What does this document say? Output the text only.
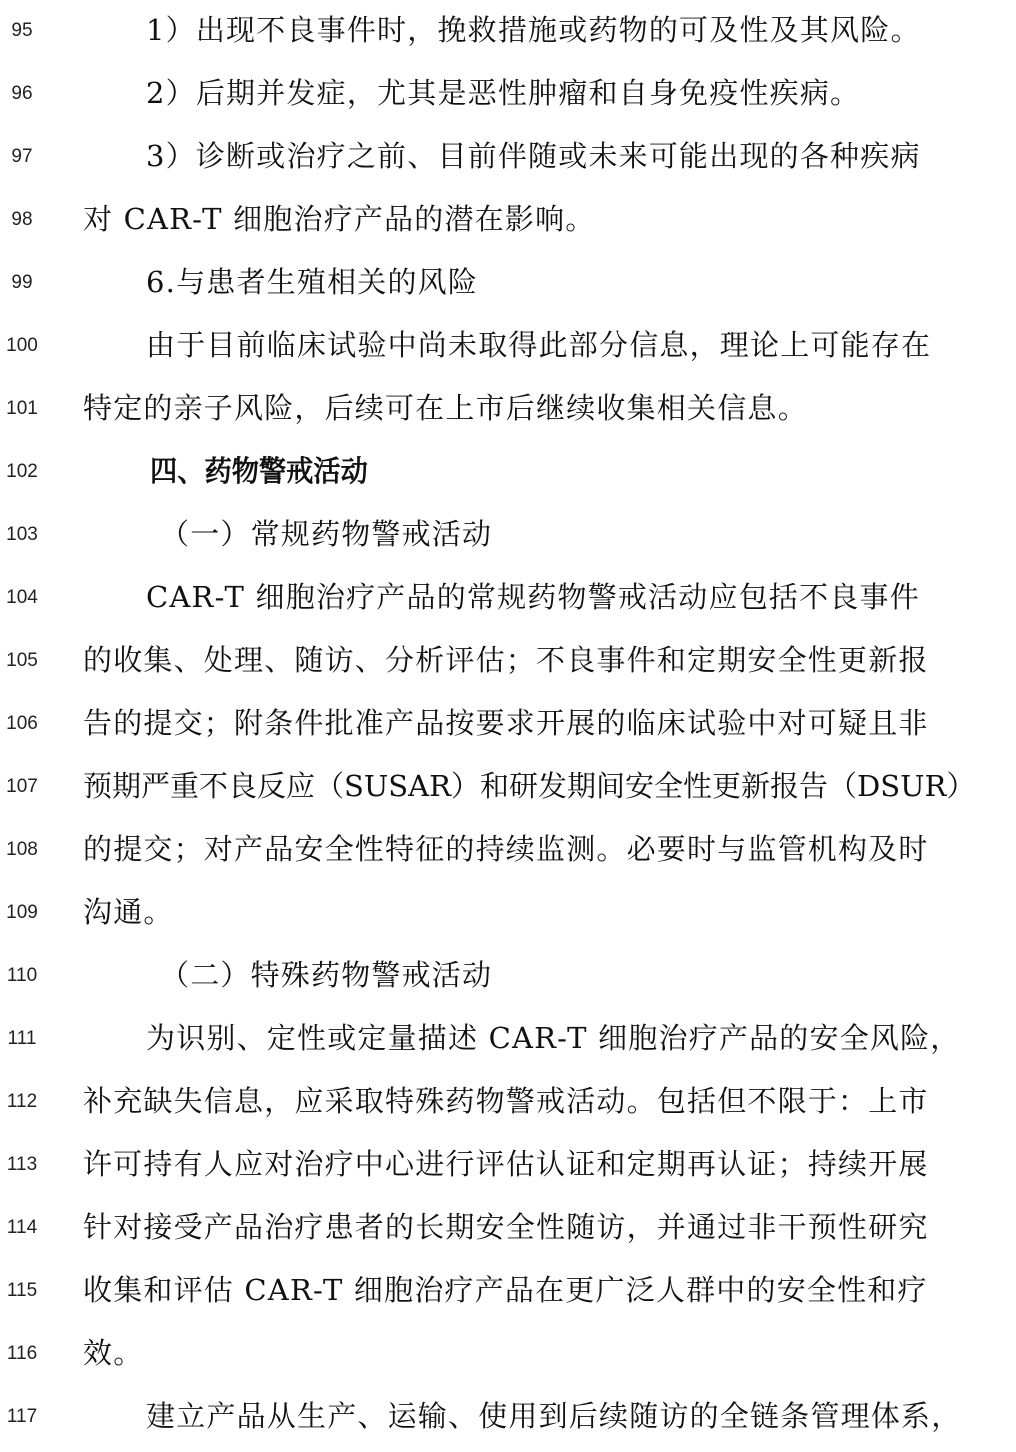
95	1）出现不良事件时，挽救措施或药物的可及性及其风险。
96	2）后期并发症，尤其是恶性肿瘤和自身免疫性疾病。
97	3）诊断或治疗之前、目前伴随或未来可能出现的各种疾病
98	对 CAR-T 细胞治疗产品的潜在影响。
99	6.与患者生殖相关的风险
100	由于目前临床试验中尚未取得此部分信息，理论上可能存在
101 特定的亲子风险，后续可在上市后继续收集相关信息。
102	四、药物警戒活动
103	（一）常规药物警戒活动
104	CAR-T 细胞治疗产品的常规药物警戒活动应包括不良事件
105 的收集、处理、随访、分析评估；不良事件和定期安全性更新报
106 告的提交；附条件批准产品按要求开展的临床试验中对可疑且非
107 预期严重不良反应（SUSAR）和研发期间安全性更新报告（DSUR）
108 的提交；对产品安全性特征的持续监测。必要时与监管机构及时
109 沟通。
110	（二）特殊药物警戒活动
111	为识别、定性或定量描述 CAR-T 细胞治疗产品的安全风险，
112 补充缺失信息，应采取特殊药物警戒活动。包括但不限于：上市
113 许可持有人应对治疗中心进行评估认证和定期再认证；持续开展
114 针对接受产品治疗患者的长期安全性随访，并通过非干预性研究
115 收集和评估 CAR-T 细胞治疗产品在更广泛人群中的安全性和疗
116 效。
117	建立产品从生产、运输、使用到后续随访的全链条管理体系，
